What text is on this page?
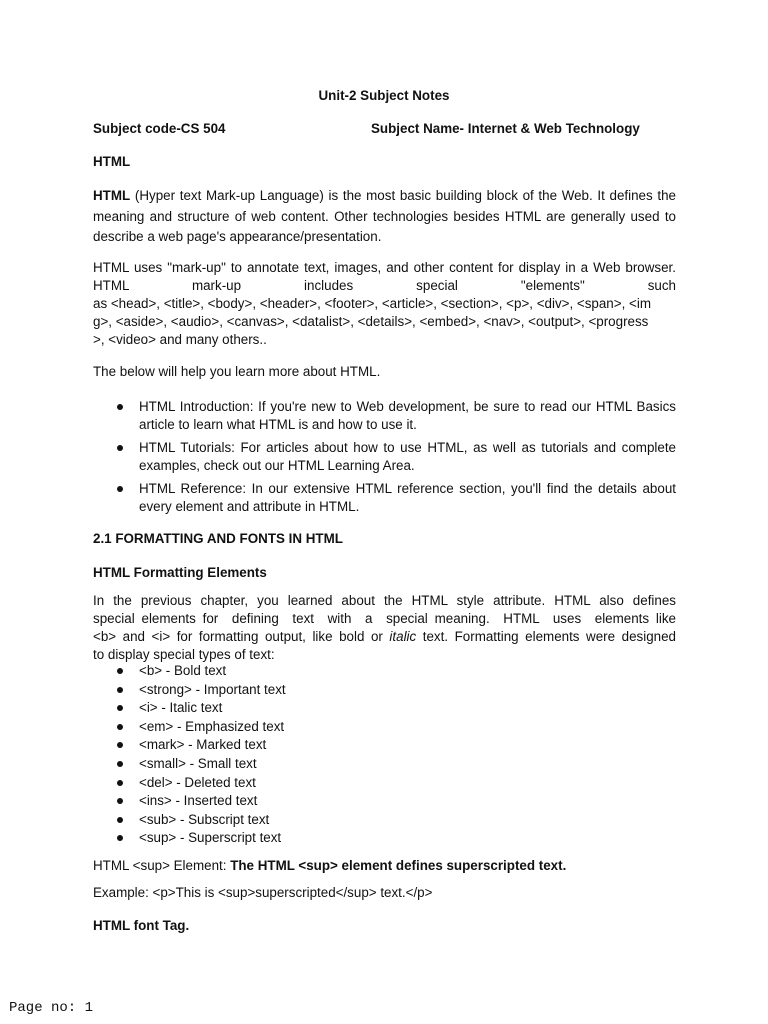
Unit-2 Subject Notes
Subject code-CS 504	Subject Name- Internet & Web Technology
HTML
HTML (Hyper text Mark-up Language) is the most basic building block of the Web. It defines the meaning and structure of web content. Other technologies besides HTML are generally used to describe a web page's appearance/presentation.

HTML uses "mark-up" to annotate text, images, and other content for display in a Web browser.      HTML      mark-up      includes      special      "elements"      such

as <head>, <title>, <body>, <header>, <footer>, <article>, <section>, <p>, <div>, <span>, <im

g>, <aside>, <audio>, <canvas>, <datalist>, <details>, <embed>, <nav>, <output>, <progress

>, <video> and many others..

The below will help you learn more about HTML.
HTML Introduction: If you're new to Web development, be sure to read our HTML Basics article to learn what HTML is and how to use it.
HTML Tutorials: For articles about how to use HTML, as well as tutorials and complete examples, check out our HTML Learning Area.
HTML Reference: In our extensive HTML reference section, you'll find the details about every element and attribute in HTML.
2.1 FORMATTING AND FONTS IN HTML
HTML Formatting Elements

In the previous chapter, you learned about the HTML style attribute. HTML also defines

special elements for  defining  text  with  a  special meaning.  HTML  uses  elements like

<b> and <i> for formatting output, like bold or italic text. Formatting elements were designed

to display special types of text:

<b> - Bold text
<strong> - Important text
<i> - Italic text
<em> - Emphasized text
<mark> - Marked text
<small> - Small text
<del> - Deleted text
<ins> - Inserted text
<sub> - Subscript text
<sup> - Superscript text
HTML <sup> Element: The HTML <sup> element defines superscripted text.
Example: <p>This is <sup>superscripted</sup> text.</p>
HTML font Tag.
Page no: 1
